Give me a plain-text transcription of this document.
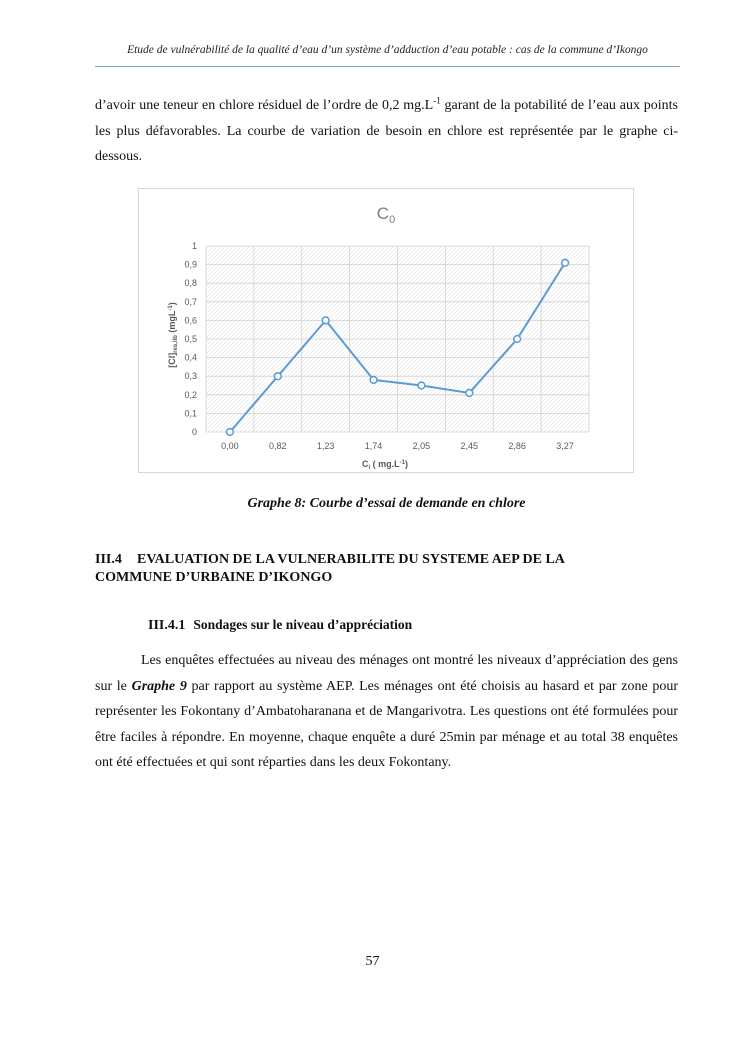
Etude de vulnérabilité de la qualité d’eau d’un système d’adduction d’eau potable : cas de la commune d’Ikongo
d’avoir une teneur en chlore résiduel de l’ordre de 0,2 $mg.L^{-1}$ garant de la potabilité de l’eau aux points les plus défavorables. La courbe de variation de besoin en chlore est représentée par le graphe ci-dessous.
0
0,1
0,2
0,3
0,4
0,5
0,6
0,7
0,8
0,9
1
0,00	0,82	1,23	1,74	2,05	2,45	2,86	3,27
$C_0$
$C_i$ ( $mg.L^{-1}$)
$[Cl]_{res,lib}$ (mgL$^{-1}$)
Graphe 8: Courbe d’essai de demande en chlore
III.4 EVALUATION DE LA VULNERABILITE DU SYSTEME AEP DE LA
COMMUNE D’URBAINE D’IKONGO
III.4.1 Sondages sur le niveau d’appréciation
Les enquêtes effectuées au niveau des ménages ont montré les niveaux d’appréciation des gens sur le Graphe 9 par rapport au système AEP. Les ménages ont été choisis au hasard et par zone pour représenter les Fokontany d’Ambatoharanana et de Mangarivotra. Les questions ont été formulées pour être faciles à répondre. En moyenne, chaque enquête a duré 25min par ménage et au total 38 enquêtes ont été effectuées et qui sont réparties dans les deux Fokontany.
57
